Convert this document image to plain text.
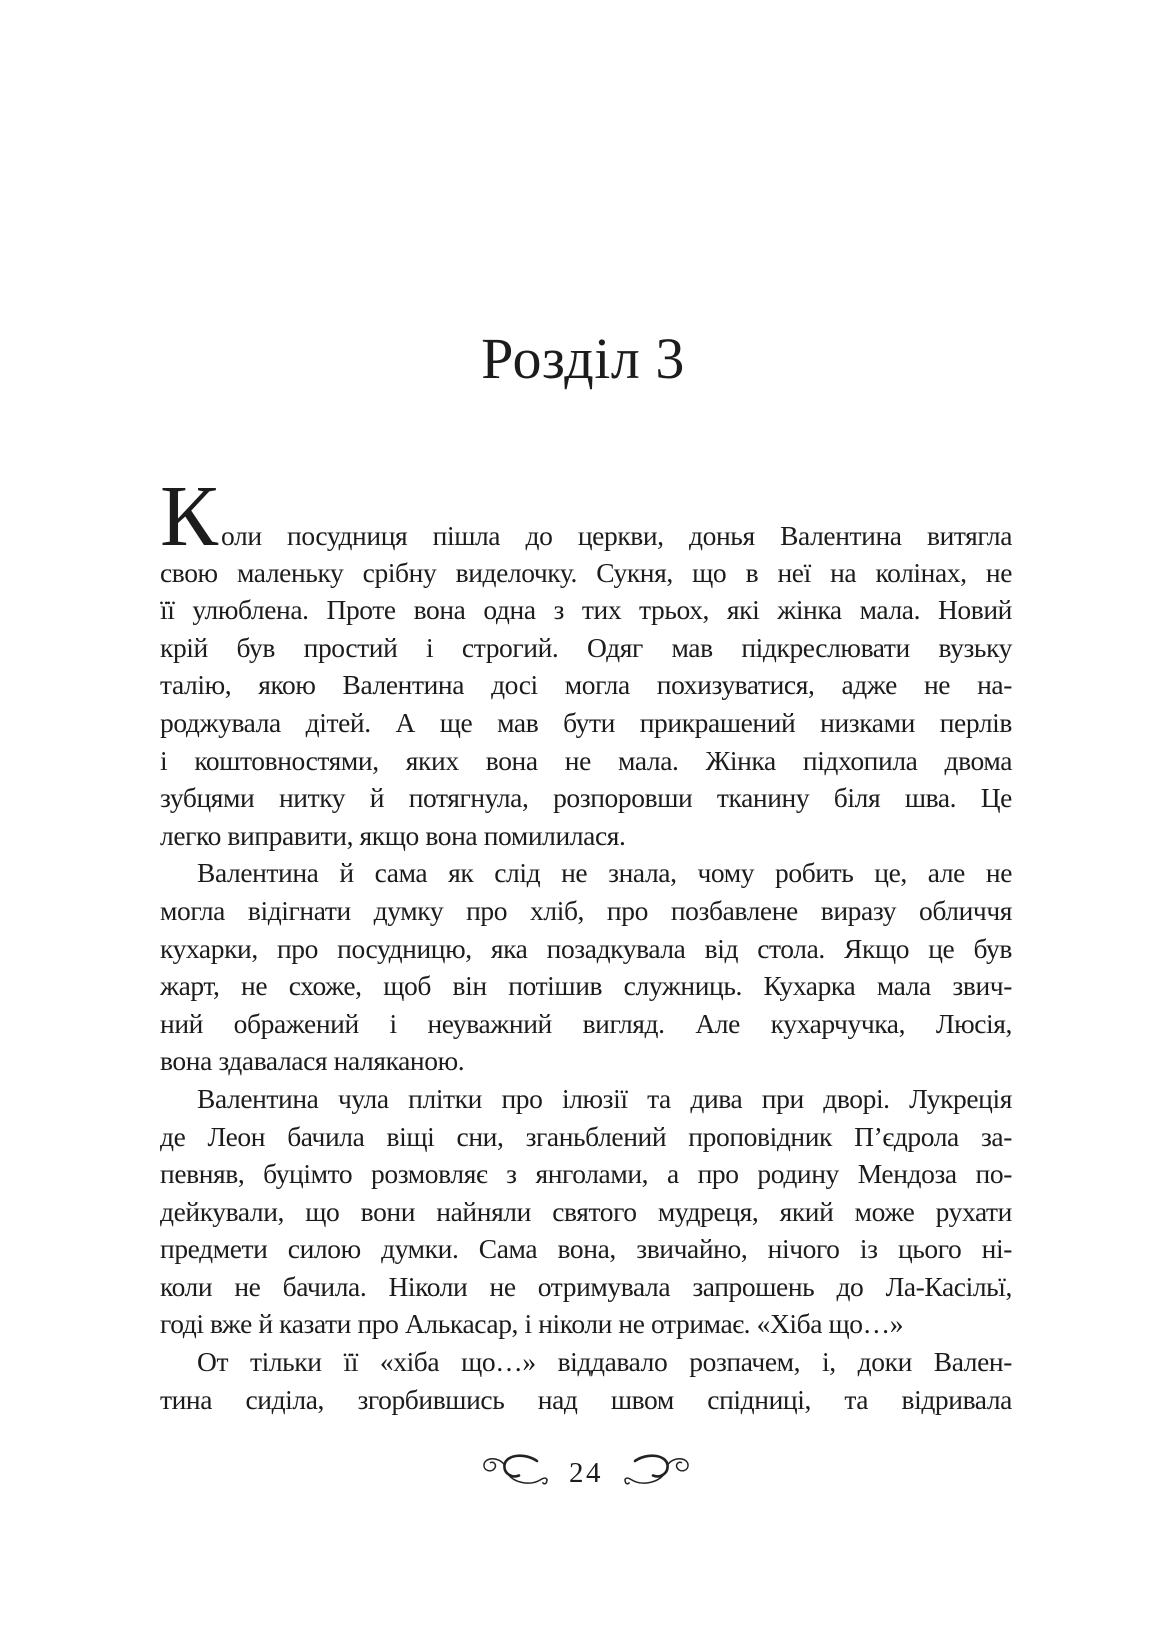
Розділ 3
Коли посудниця пішла до церкви, донья Валентина витягла
свою маленьку срібну виделочку. Сукня, що в неї на колінах, не
її улюблена. Проте вона одна з тих трьох, які жінка мала. Новий
крій був простий і строгий. Одяг мав підкреслювати вузьку
талію, якою Валентина досі могла похизуватися, адже не на-
роджувала дітей. А ще мав бути прикрашений низками перлів
і коштовностями, яких вона не мала. Жінка підхопила двома
зубцями нитку й потягнула, розпоровши тканину біля шва. Це
легко виправити, якщо вона помилилася.
Валентина й сама як слід не знала, чому робить це, але не
могла відігнати думку про хліб, про позбавлене виразу обличчя
кухарки, про посудницю, яка позадкувала від стола. Якщо це був
жарт, не схоже, щоб він потішив служниць. Кухарка мала звич-
ний ображений і неуважний вигляд. Але кухарчучка, Люсія,
вона здавалася наляканою.
Валентина чула плітки про ілюзії та дива при дворі. Лукреція
де Леон бачила віщі сни, зганьблений проповідник П’єдрола за-
певняв, буцімто розмовляє з янголами, а про родину Мендоза по-
дейкували, що вони найняли святого мудреця, який може рухати
предмети силою думки. Сама вона, звичайно, нічого із цього ні-
коли не бачила. Ніколи не отримувала запрошень до Ла-Касільї,
годі вже й казати про Алькасар, і ніколи не отримає. «Хіба що…»
От тільки її «хіба що…» віддавало розпачем, і, доки Вален-
тина сиділа, згорбившись над швом спідниці, та відривала
24
